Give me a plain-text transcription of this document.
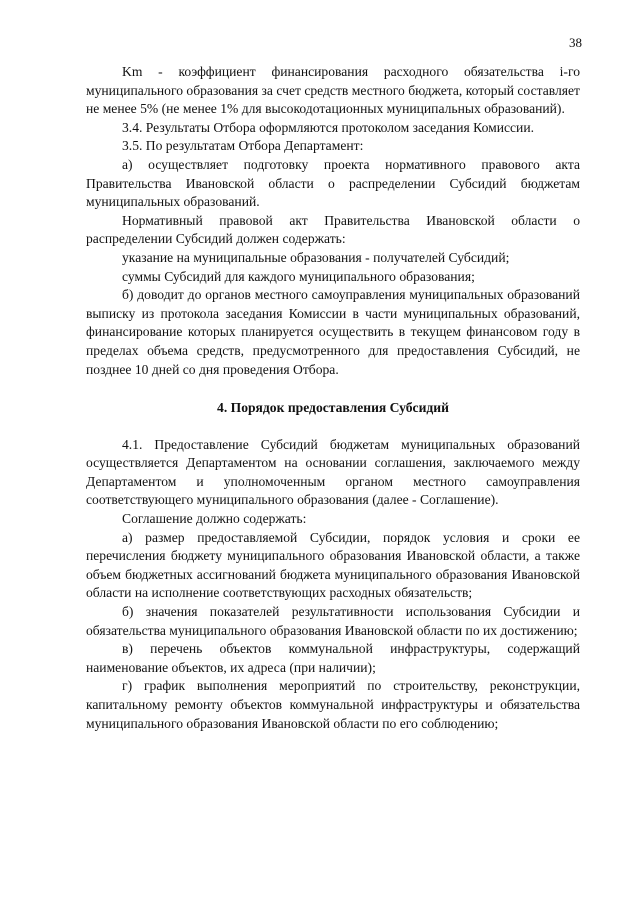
38

Km - коэффициент финансирования расходного обязательства i-го муниципального образования за счет средств местного бюджета, который составляет не менее 5% (не менее 1% для высокодотационных муниципальных образований).

3.4. Результаты Отбора оформляются протоколом заседания Комиссии.

3.5. По результатам Отбора Департамент:

а) осуществляет подготовку проекта нормативного правового акта Правительства Ивановской области о распределении Субсидий бюджетам муниципальных образований.

Нормативный правовой акт Правительства Ивановской области о распределении Субсидий должен содержать:

указание на муниципальные образования - получателей Субсидий;

суммы Субсидий для каждого муниципального образования;

б) доводит до органов местного самоуправления муниципальных образований выписку из протокола заседания Комиссии в части муниципальных образований, финансирование которых планируется осуществить в текущем финансовом году в пределах объема средств, предусмотренного для предоставления Субсидий, не позднее 10 дней со дня проведения Отбора.

4. Порядок предоставления Субсидий

4.1. Предоставление Субсидий бюджетам муниципальных образований осуществляется Департаментом на основании соглашения, заключаемого между Департаментом и уполномоченным органом местного самоуправления соответствующего муниципального образования (далее - Соглашение).

Соглашение должно содержать:

а) размер предоставляемой Субсидии, порядок условия и сроки ее перечисления бюджету муниципального образования Ивановской области, а также объем бюджетных ассигнований бюджета муниципального образования Ивановской области на исполнение соответствующих расходных обязательств;

б) значения показателей результативности использования Субсидии и обязательства муниципального образования Ивановской области по их достижению;

в) перечень объектов коммунальной инфраструктуры, содержащий наименование объектов, их адреса (при наличии);

г) график выполнения мероприятий по строительству, реконструкции, капитальному ремонту объектов коммунальной инфраструктуры и обязательства муниципального образования Ивановской области по его соблюдению;
